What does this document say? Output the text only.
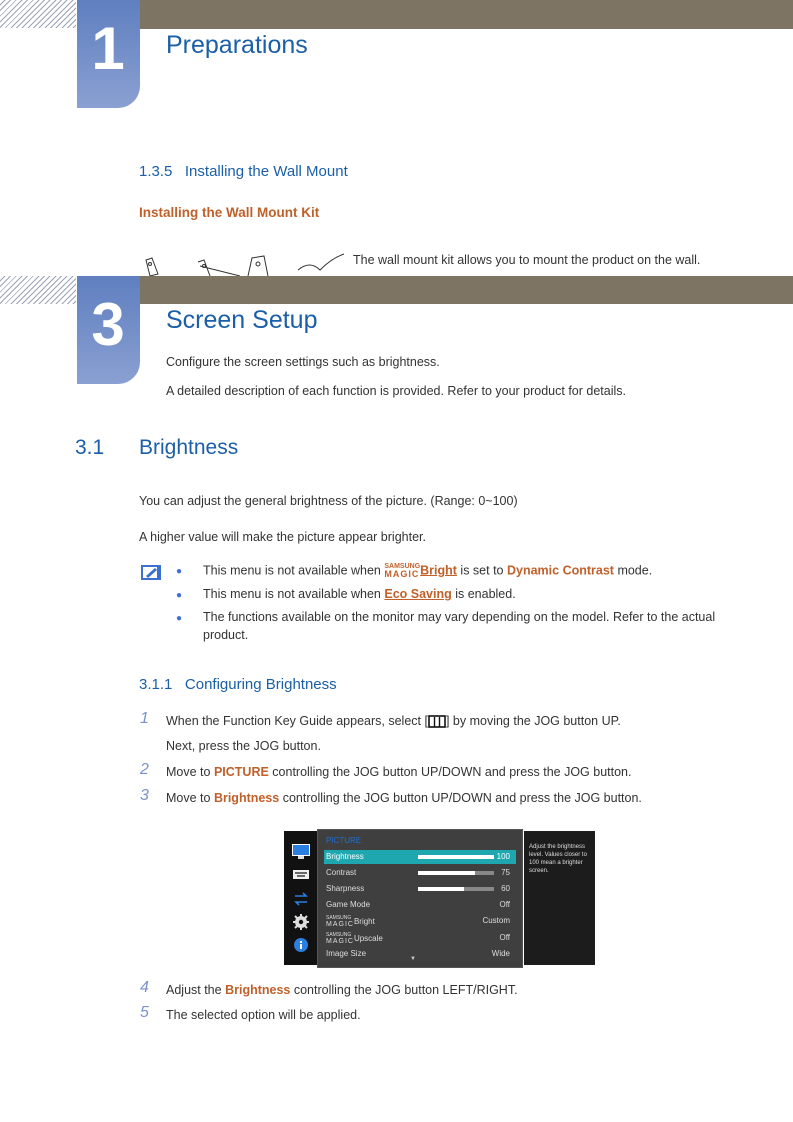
1	Preparations
1.3.5 Installing the Wall Mount
Installing the Wall Mount Kit
The wall mount kit allows you to mount the product on the wall.
3	Screen Setup
Configure the screen settings such as brightness.
A detailed description of each function is provided. Refer to your product for details.
3.1 Brightness
You can adjust the general brightness of the picture. (Range: 0~100)
A higher value will make the picture appear brighter.
● This menu is not available when SAMSUNG
MAGIC Bright is set to Dynamic Contrast mode.
● This menu is not available when Eco Saving is enabled.
● The functions available on the monitor may vary depending on the model. Refer to the actual
product.
3.1.1 Configuring Brightness
1 When the Function Key Guide appears, select [ ] by moving the JOG button UP.
Next, press the JOG button.
2 Move to PICTURE controlling the JOG button UP/DOWN and press the JOG button.
3 Move to Brightness controlling the JOG button UP/DOWN and press the JOG button.
PICTURE
Brightness	100
Contrast	75
Sharpness	60
Game Mode	Off
SAMSUNG
MAGIC Bright	Custom
SAMSUNG
MAGIC Upscale	Off
Image Size	Wide
▼
Adjust the brightness level. Values closer to 100 mean a brighter screen.
4 Adjust the Brightness controlling the JOG button LEFT/RIGHT.
5 The selected option will be applied.
